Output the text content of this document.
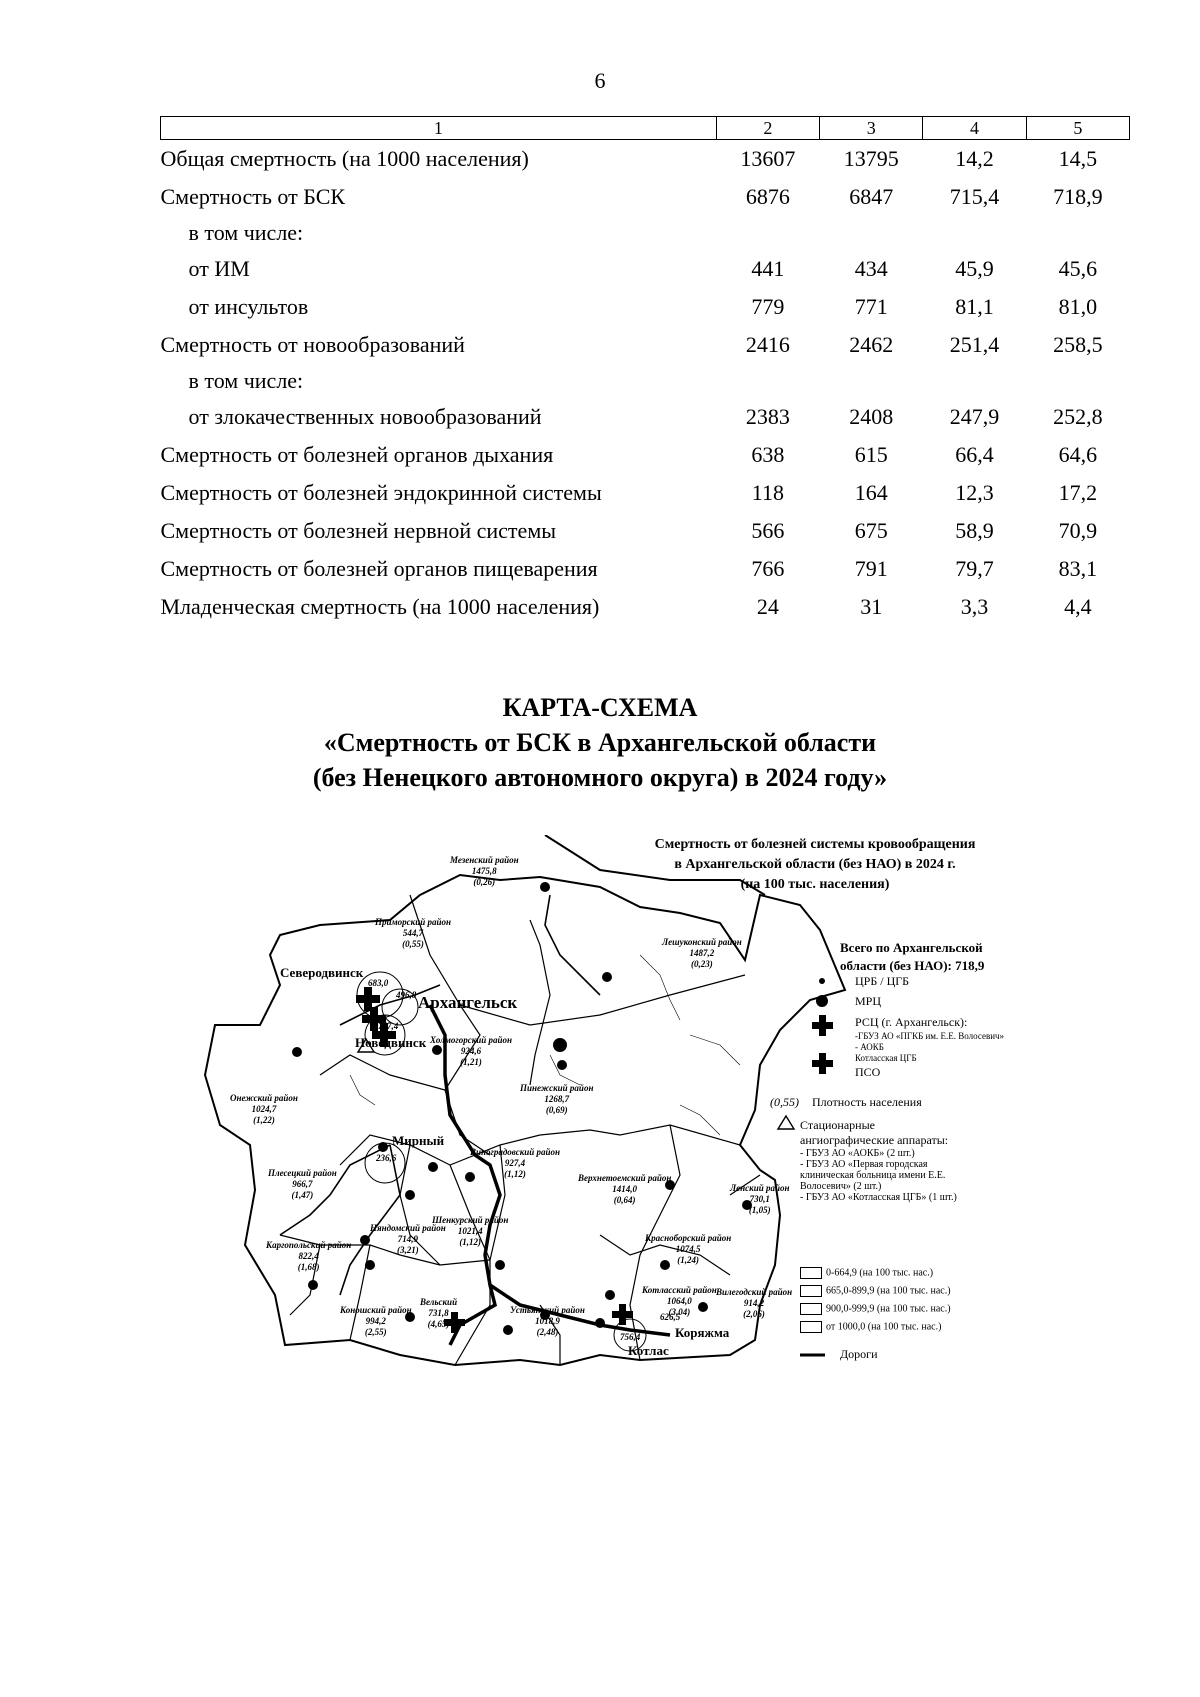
6
1	2	3	4	5
Общая смертность (на 1000 населения)	13607	13795	14,2	14,5
Смертность от БСК	6876	6847	715,4	718,9
в том числе:				
от ИМ	441	434	45,9	45,6
от инсультов	779	771	81,1	81,0
Смертность от новообразований	2416	2462	251,4	258,5
в том числе:				
от злокачественных новообразований	2383	2408	247,9	252,8
Смертность от болезней органов дыхания	638	615	66,4	64,6
Смертность от болезней эндокринной системы	118	164	12,3	17,2
Смертность от болезней нервной системы	566	675	58,9	70,9
Смертность от болезней органов пищеварения	766	791	79,7	83,1
Младенческая смертность (на 1000 населения)	24	31	3,3	4,4
КАРТА-СХЕМА
«Смертность от БСК в Архангельской области
(без Ненецкого автономного округа) в 2024 году»
Смертность от болезней системы кровообращения
в Архангельской области (без НАО) в 2024 г.
(на 100 тыс. населения)
Всего по Архангельской
области (без НАО): 718,9
Северодвинск
Архангельск
Новодвинск
Мирный
Котлас
Коряжма
683,0
496,8
747,4
236,6
756,4
626,5
Мезенский район
1475,8
(0,26)
Приморский район
544,7
(0,55)	Лешуконский район
1487,2
(0,23)
Холмогорский район
924,6
(1,21)
Пинежский район
1268,7
(0,69)
Онежский район
1024,7
(1,22)
Плесецкий район
966,7
(1,47)
Виноградовский район
927,4
(1,12)	Верхнетоемский район
1414,0
(0,64)
Ленский район
730,1
(1,05)
Шенкурский район
1021,4
(1,12)
Няндомский район
714,9
(3,21)
Каргопольский район
822,4
(1,68)
Красноборский район
1074,5
(1,24)
Вельский
731,8
(4,65)
Устьянский район
1018,9
(2,48)
Коношский район
994,2
(2,55)
Котласский район
1064,0
(3,04)
Вилегодский район
914,2
(2,06)
ЦРБ / ЦГБ
МРЦ
РСЦ (г. Архангельск):
-ГБУЗ АО «ПГКБ им. Е.Е. Волосевич»
- АОКБ
Котласская ЦГБ
ПСО
(0,55) Плотность населения
Стационарные
ангиографические аппараты:
- ГБУЗ АО «АОКБ» (2 шт.)
- ГБУЗ АО «Первая городская
клиническая больница имени Е.Е.
Волосевич» (2 шт.)
- ГБУЗ АО «Котласская ЦГБ» (1 шт.)
0-664,9 (на 100 тыс. нас.)
665,0-899,9 (на 100 тыс. нас.)
900,0-999,9 (на 100 тыс. нас.)
от 1000,0 (на 100 тыс. нас.)
Дороги
